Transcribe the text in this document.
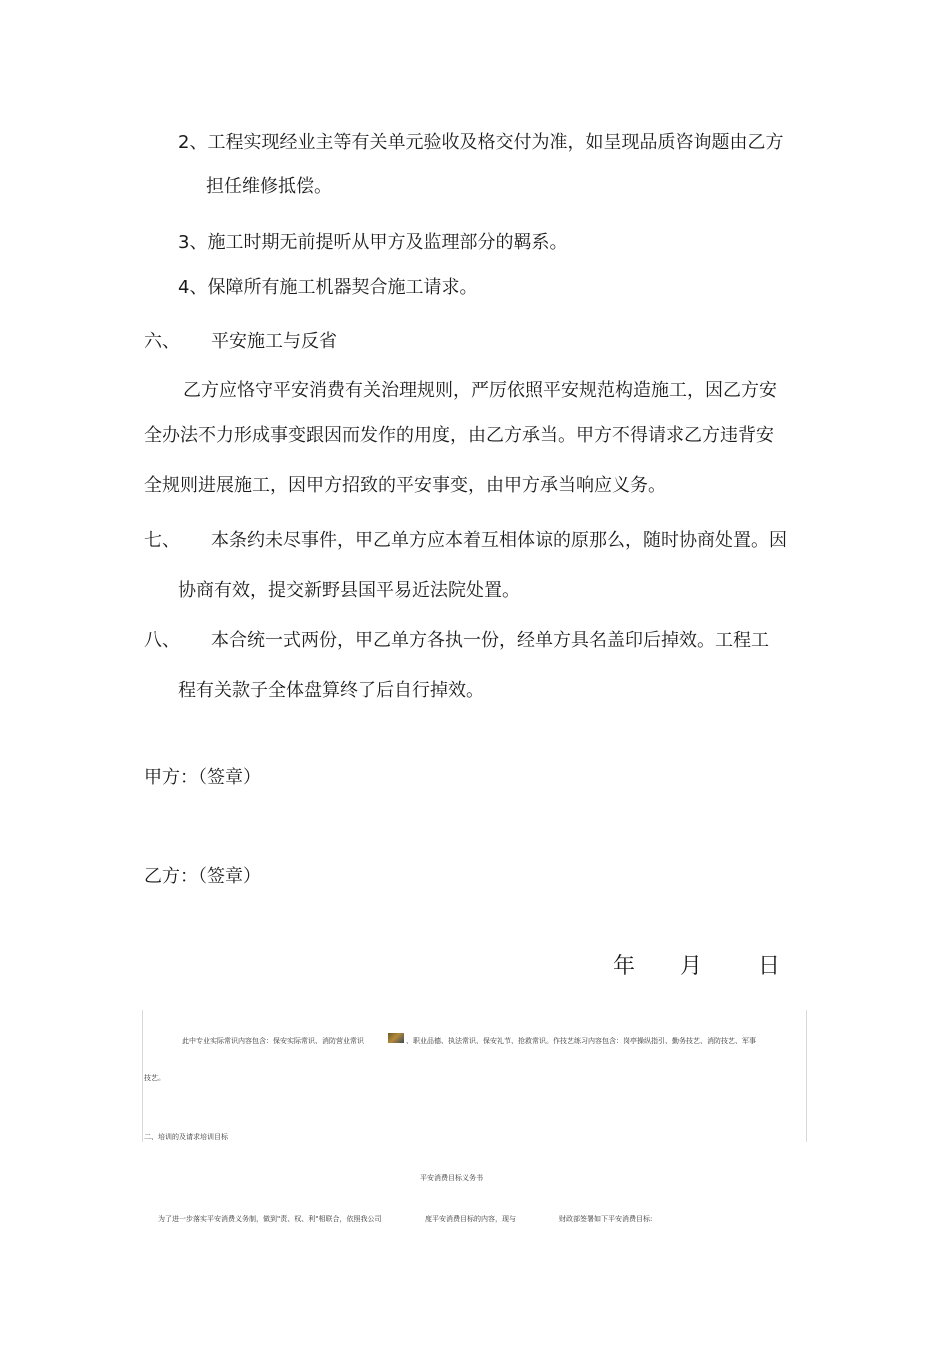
2、工程实现经业主等有关单元验收及格交付为准，如呈现品质咨询题由乙方
担任维修抵偿。
3、施工时期无前提听从甲方及监理部分的羁系。
4、保障所有施工机器契合施工请求。
六、 平安施工与反省
乙方应恪守平安消费有关治理规则，严厉依照平安规范构造施工，因乙方安
全办法不力形成事变跟因而发作的用度，由乙方承当。甲方不得请求乙方违背安
全规则进展施工，因甲方招致的平安事变，由甲方承当响应义务。
七、 本条约未尽事件，甲乙单方应本着互相体谅的原那么，随时协商处置。因
协商有效，提交新野县国平易近法院处置。
八、 本合统一式两份，甲乙单方各执一份，经单方具名盖印后掉效。工程工
程有关款子全体盘算终了后自行掉效。
甲方：（签章）
乙方：（签章）
年 月	日
此中专业实际常识内容包含：保安实际常识、消防营业常识	、职业品德、执法常识、保安礼节、抢救常识。作技艺练习内容包含：岗亭操纵指引、勤务技艺、消防技艺、军事
技艺。
二、培训的及请求培训目标
平安消费目标义务书
为了进一步落实平安消费义务制，做到"责、权、利"相联合，依照我公司	度平安消费目标的内容，现与	财政部签署如下平安消费目标:
